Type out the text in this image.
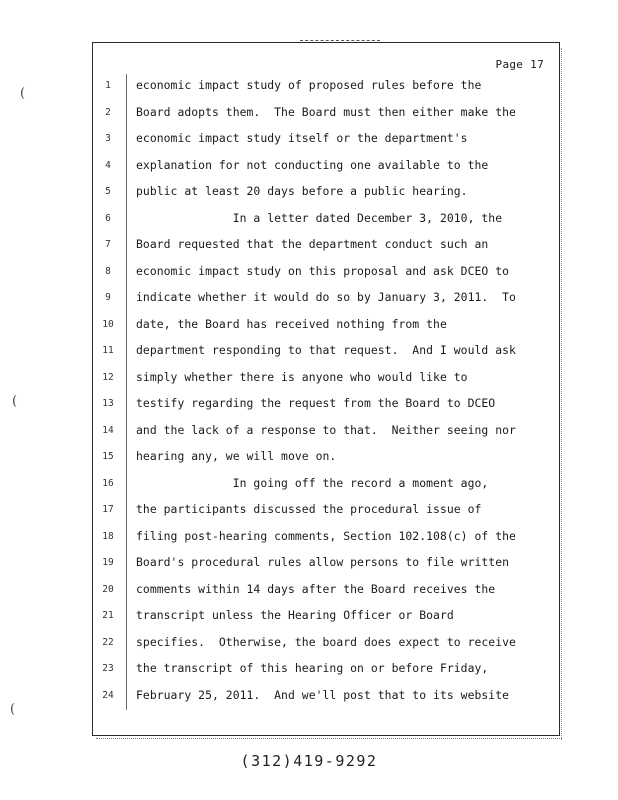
(
(
(
Page 17
1	economic impact study of proposed rules before the
2	Board adopts them.  The Board must then either make the
3	economic impact study itself or the department's
4	explanation for not conducting one available to the
5	public at least 20 days before a public hearing.
6	In a letter dated December 3, 2010, the
7	Board requested that the department conduct such an
8	economic impact study on this proposal and ask DCEO to
9	indicate whether it would do so by January 3, 2011.  To
10	date, the Board has received nothing from the
11	department responding to that request.  And I would ask
12	simply whether there is anyone who would like to
13	testify regarding the request from the Board to DCEO
14	and the lack of a response to that.  Neither seeing nor
15	hearing any, we will move on.
16	In going off the record a moment ago,
17	the participants discussed the procedural issue of
18	filing post-hearing comments, Section 102.108(c) of the
19	Board's procedural rules allow persons to file written
20	comments within 14 days after the Board receives the
21	transcript unless the Hearing Officer or Board
22	specifies.  Otherwise, the board does expect to receive
23	the transcript of this hearing on or before Friday,
24	February 25, 2011.  And we'll post that to its website
(312)419-9292
